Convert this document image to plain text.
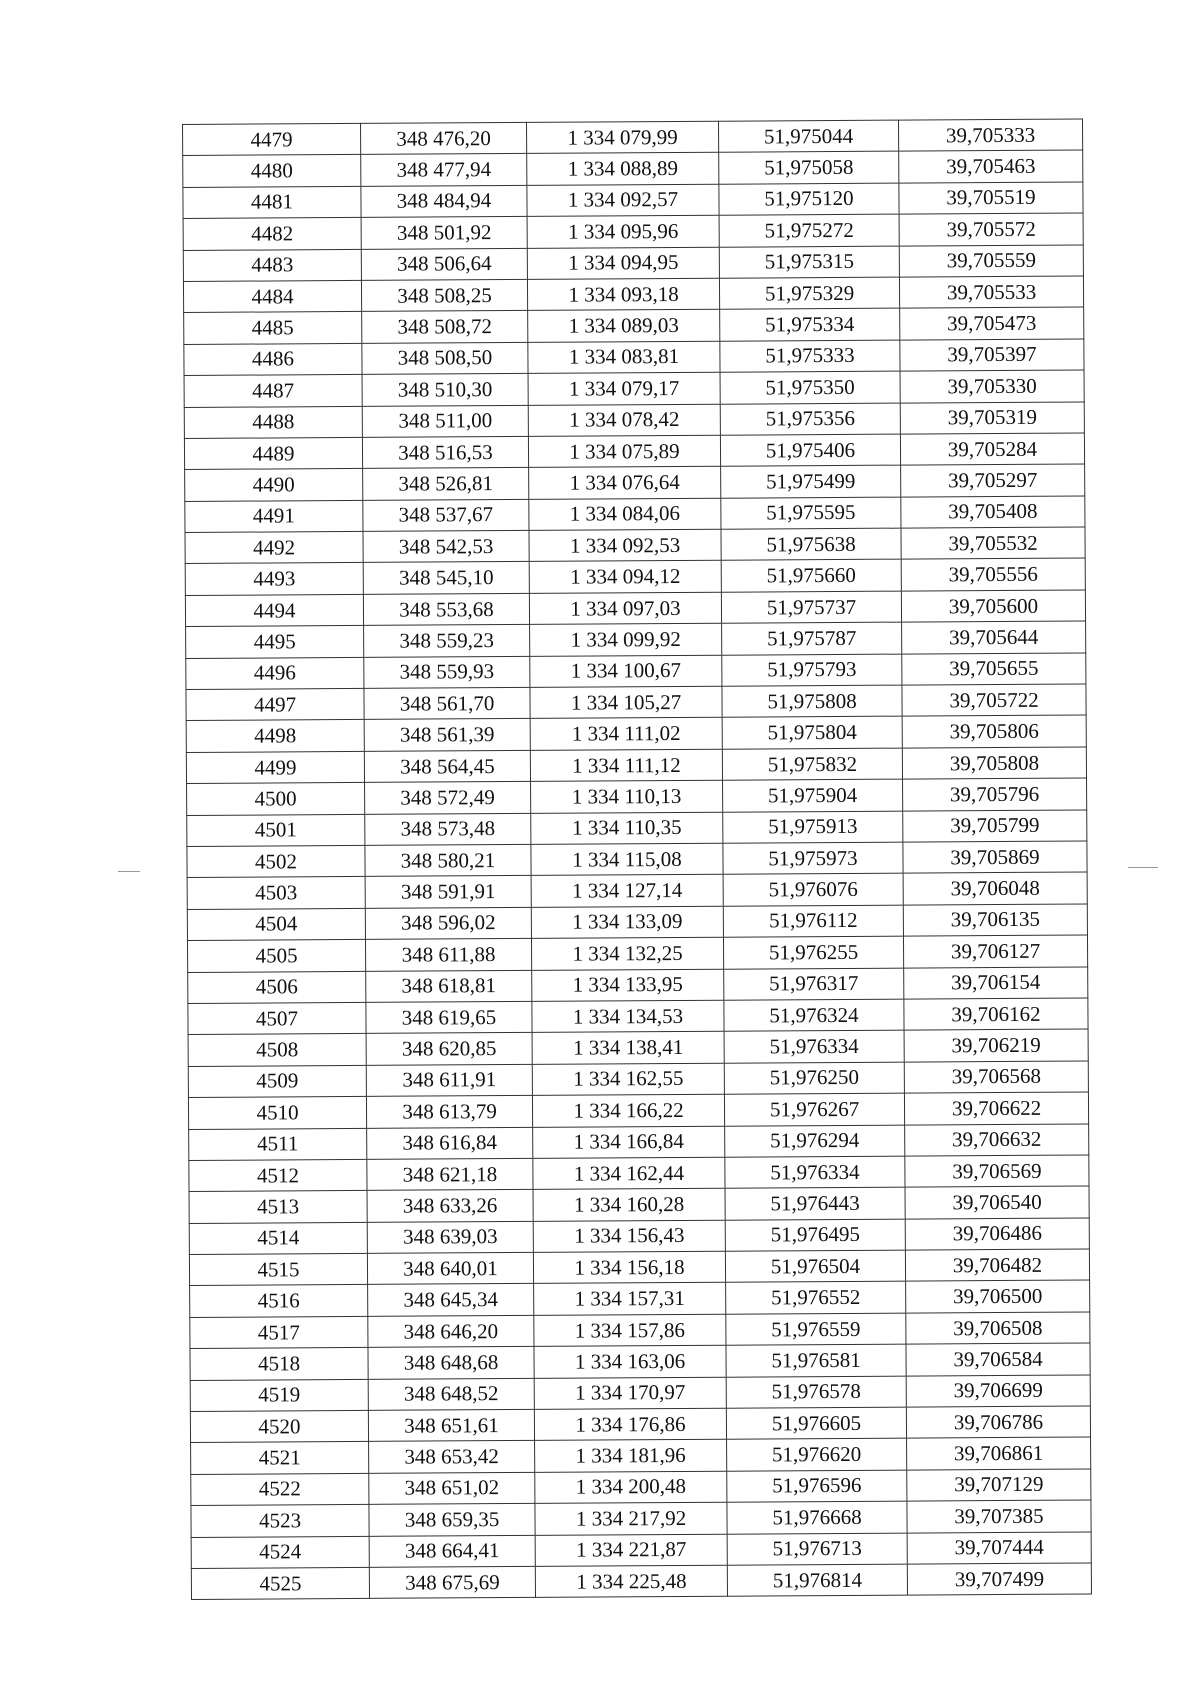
4479	348 476,20	1 334 079,99	51,975044	39,705333
4480	348 477,94	1 334 088,89	51,975058	39,705463
4481	348 484,94	1 334 092,57	51,975120	39,705519
4482	348 501,92	1 334 095,96	51,975272	39,705572
4483	348 506,64	1 334 094,95	51,975315	39,705559
4484	348 508,25	1 334 093,18	51,975329	39,705533
4485	348 508,72	1 334 089,03	51,975334	39,705473
4486	348 508,50	1 334 083,81	51,975333	39,705397
4487	348 510,30	1 334 079,17	51,975350	39,705330
4488	348 511,00	1 334 078,42	51,975356	39,705319
4489	348 516,53	1 334 075,89	51,975406	39,705284
4490	348 526,81	1 334 076,64	51,975499	39,705297
4491	348 537,67	1 334 084,06	51,975595	39,705408
4492	348 542,53	1 334 092,53	51,975638	39,705532
4493	348 545,10	1 334 094,12	51,975660	39,705556
4494	348 553,68	1 334 097,03	51,975737	39,705600
4495	348 559,23	1 334 099,92	51,975787	39,705644
4496	348 559,93	1 334 100,67	51,975793	39,705655
4497	348 561,70	1 334 105,27	51,975808	39,705722
4498	348 561,39	1 334 111,02	51,975804	39,705806
4499	348 564,45	1 334 111,12	51,975832	39,705808
4500	348 572,49	1 334 110,13	51,975904	39,705796
4501	348 573,48	1 334 110,35	51,975913	39,705799
4502	348 580,21	1 334 115,08	51,975973	39,705869
4503	348 591,91	1 334 127,14	51,976076	39,706048
4504	348 596,02	1 334 133,09	51,976112	39,706135
4505	348 611,88	1 334 132,25	51,976255	39,706127
4506	348 618,81	1 334 133,95	51,976317	39,706154
4507	348 619,65	1 334 134,53	51,976324	39,706162
4508	348 620,85	1 334 138,41	51,976334	39,706219
4509	348 611,91	1 334 162,55	51,976250	39,706568
4510	348 613,79	1 334 166,22	51,976267	39,706622
4511	348 616,84	1 334 166,84	51,976294	39,706632
4512	348 621,18	1 334 162,44	51,976334	39,706569
4513	348 633,26	1 334 160,28	51,976443	39,706540
4514	348 639,03	1 334 156,43	51,976495	39,706486
4515	348 640,01	1 334 156,18	51,976504	39,706482
4516	348 645,34	1 334 157,31	51,976552	39,706500
4517	348 646,20	1 334 157,86	51,976559	39,706508
4518	348 648,68	1 334 163,06	51,976581	39,706584
4519	348 648,52	1 334 170,97	51,976578	39,706699
4520	348 651,61	1 334 176,86	51,976605	39,706786
4521	348 653,42	1 334 181,96	51,976620	39,706861
4522	348 651,02	1 334 200,48	51,976596	39,707129
4523	348 659,35	1 334 217,92	51,976668	39,707385
4524	348 664,41	1 334 221,87	51,976713	39,707444
4525	348 675,69	1 334 225,48	51,976814	39,707499
